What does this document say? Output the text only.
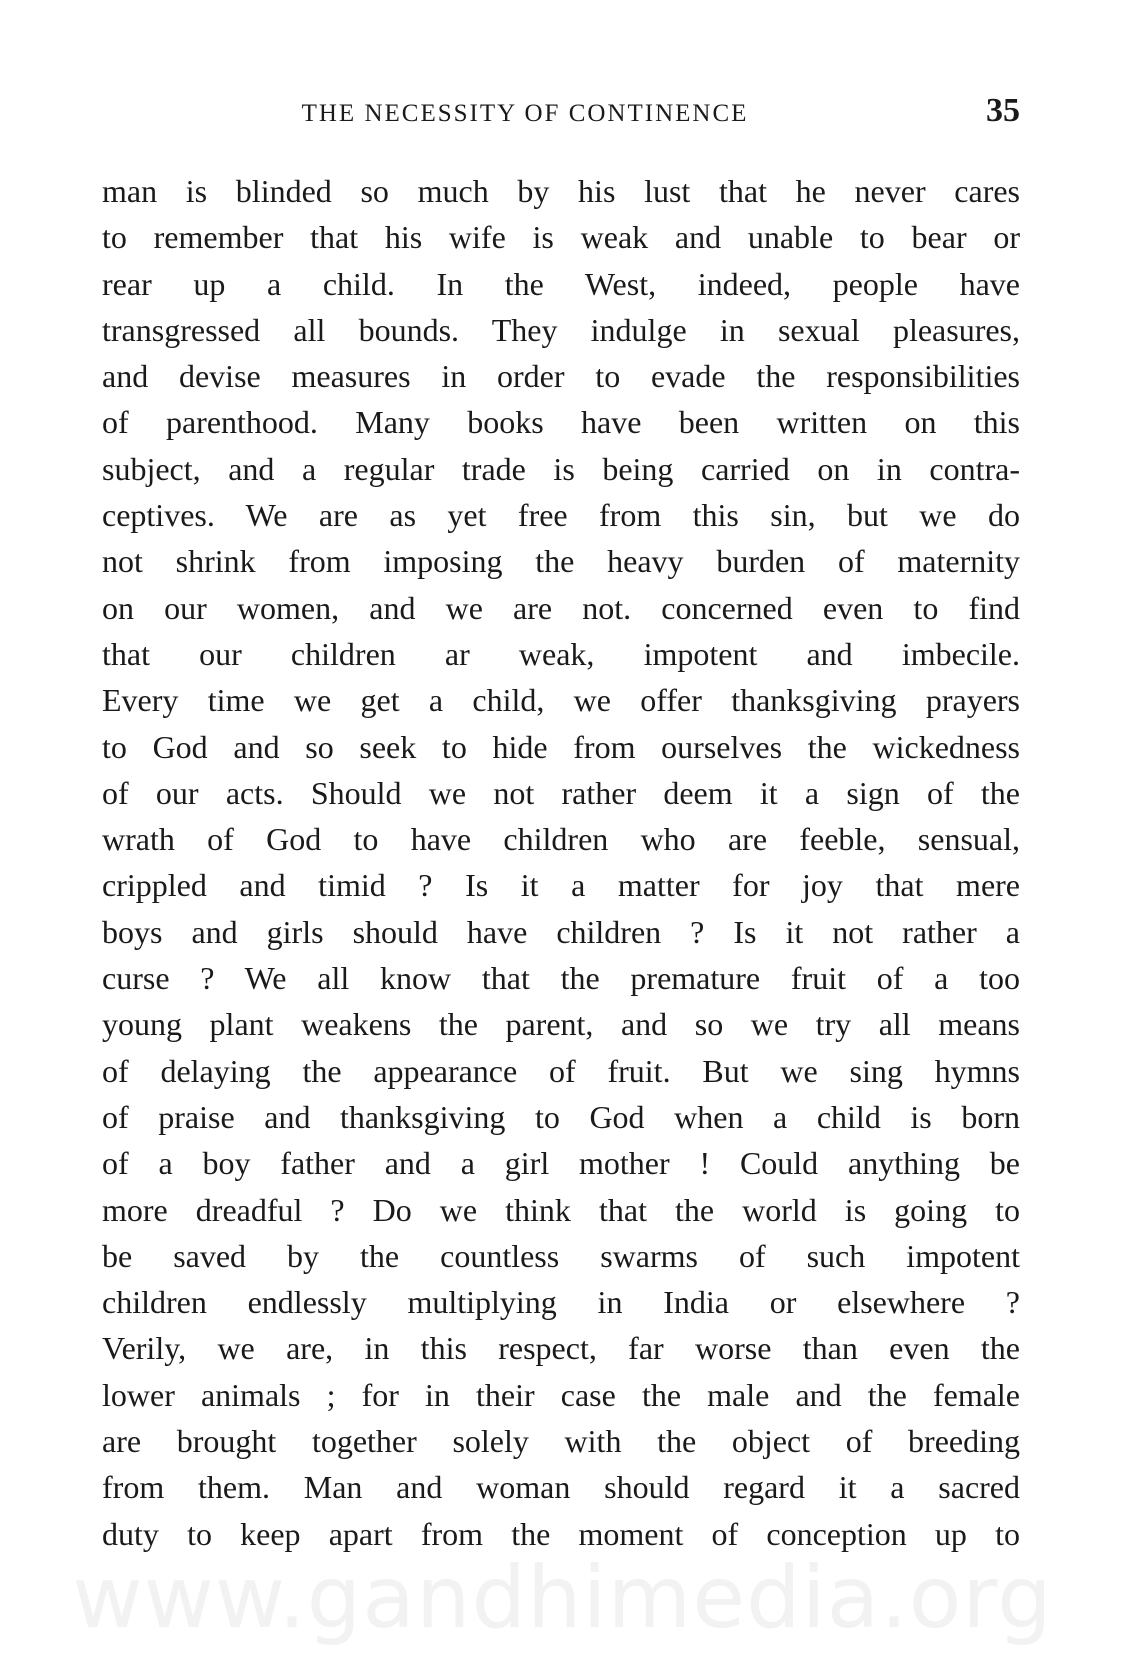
THE NECESSITY OF CONTINENCE	35
man is blinded so much by his lust that he never cares
to remember that his wife is weak and unable to bear or
rear up a child. In the West, indeed, people have
transgressed all bounds. They indulge in sexual pleasures,
and devise measures in order to evade the responsibilities
of parenthood. Many books have been written on this
subject, and a regular trade is being carried on in contra-
ceptives. We are as yet free from this sin, but we do
not shrink from imposing the heavy burden of maternity
on our women, and we are not. concerned even to find
that our children ar weak, impotent and imbecile.
Every time we get a child, we offer thanksgiving prayers
to God and so seek to hide from ourselves the wickedness
of our acts. Should we not rather deem it a sign of the
wrath of God to have children who are feeble, sensual,
crippled and timid ? Is it a matter for joy that mere
boys and girls should have children ? Is it not rather a
curse ? We all know that the premature fruit of a too
young plant weakens the parent, and so we try all means
of delaying the appearance of fruit. But we sing hymns
of praise and thanksgiving to God when a child is born
of a boy father and a girl mother ! Could anything be
more dreadful ? Do we think that the world is going to
be saved by the countless swarms of such impotent
children endlessly multiplying in India or elsewhere ?
Verily, we are, in this respect, far worse than even the
lower animals ; for in their case the male and the female
are brought together solely with the object of breeding
from them. Man and woman should regard it a sacred
duty to keep apart from the moment of conception up to
www.gandhimedia.org
